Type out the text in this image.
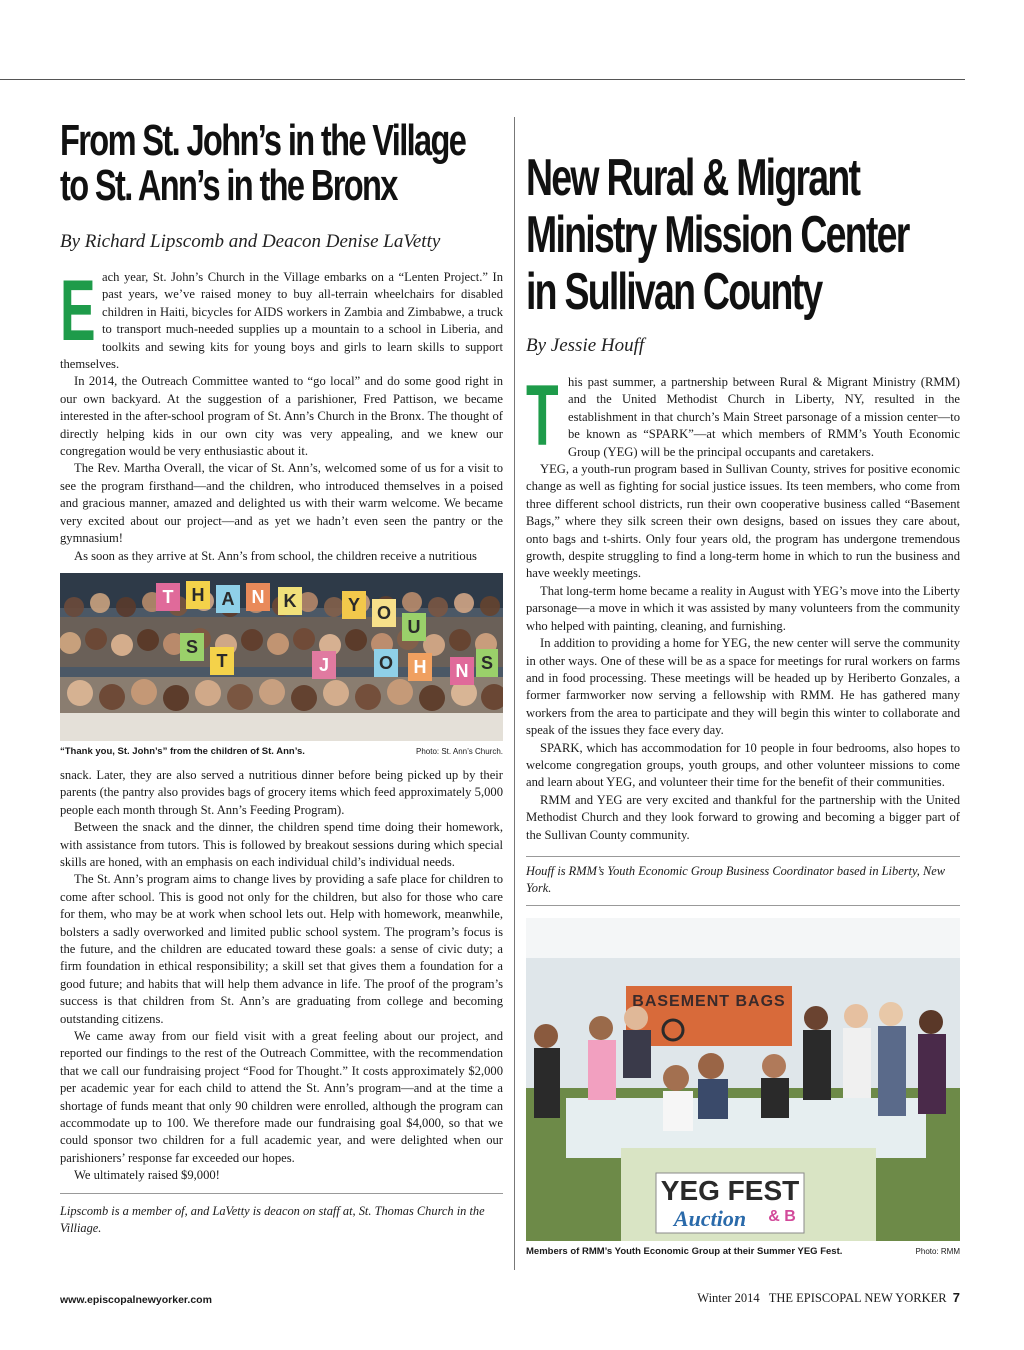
From St. John’s in the Village
to St. Ann’s in the Bronx
By Richard Lipscomb and Deacon Denise LaVetty
E ach year, St. John’s Church in the Village embarks on a “Lenten Project.” In past years, we’ve raised money to buy all-terrain wheelchairs for disabled children in Haiti, bicycles for AIDS workers in Zambia and Zimbabwe, a truck to transport much-needed supplies up a mountain to a school in Liberia, and toolkits and sewing kits for young boys and girls to learn skills to support themselves.

In 2014, the Outreach Committee wanted to “go local” and do some good right in our own backyard. At the suggestion of a parishioner, Fred Pattison, we became interested in the after-school program of St. Ann’s Church in the Bronx. The thought of directly helping kids in our own city was very appealing, and we knew our congregation would be very enthusiastic about it.

The Rev. Martha Overall, the vicar of St. Ann’s, welcomed some of us for a visit to see the program firsthand—and the children, who introduced themselves in a poised and gracious manner, amazed and delighted us with their warm welcome. We became very excited about our project—and as yet we hadn’t even seen the pantry or the gymnasium!

As soon as they arrive at St. Ann’s from school, the children receive a nutritious

T	H A N	K	Y O
U
S
T	J	O	H	N S
“Thank you, St. John’s” from the children of St. Ann’s.	Photo: St. Ann’s Church.

snack. Later, they are also served a nutritious dinner before being picked up by their parents (the pantry also provides bags of grocery items which feed approximately 5,000 people each month through St. Ann’s Feeding Program).

Between the snack and the dinner, the children spend time doing their homework, with assistance from tutors. This is followed by breakout sessions during which special skills are honed, with an emphasis on each individual child’s individual needs.

The St. Ann’s program aims to change lives by providing a safe place for children to come after school. This is good not only for the children, but also for those who care for them, who may be at work when school lets out. Help with homework, meanwhile, bolsters a sadly overworked and limited public school system. The program’s focus is the future, and the children are educated toward these goals: a sense of civic duty; a firm foundation in ethical responsibility; a skill set that gives them a foundation for a good future; and habits that will help them advance in life. The proof of the program’s success is that children from St. Ann’s are graduating from college and becoming outstanding citizens.

We came away from our field visit with a great feeling about our project, and reported our findings to the rest of the Outreach Committee, with the recommendation that we call our fundraising project “Food for Thought.” It costs approximately $2,000 per academic year for each child to attend the St. Ann’s program—and at the time a shortage of funds meant that only 90 children were enrolled, although the program can accommodate up to 100. We therefore made our fundraising goal $4,000, so that we could sponsor two children for a full academic year, and were delighted when our parishioners’ response far exceeded our hopes.

We ultimately raised $9,000!

Lipscomb is a member of, and LaVetty is deacon on staff at, St. Thomas Church in the Villiage.
New Rural & Migrant
Ministry Mission Center
in Sullivan County
By Jessie Houff
T his past summer, a partnership between Rural & Migrant Ministry (RMM) and the United Methodist Church in Liberty, NY, resulted in the establishment in that church’s Main Street parsonage of a mission center—to be known as “SPARK”—at which members of RMM’s Youth Economic Group (YEG) will be the principal occupants and caretakers.

YEG, a youth-run program based in Sullivan County, strives for positive economic change as well as fighting for social justice issues. Its teen members, who come from three different school districts, run their own cooperative business called “Basement Bags,” where they silk screen their own designs, based on issues they care about, onto bags and t-shirts. Only four years old, the program has undergone tremendous growth, despite struggling to find a long-term home in which to run the business and have weekly meetings.

That long-term home became a reality in August with YEG’s move into the Liberty parsonage—a move in which it was assisted by many volunteers from the community who helped with painting, cleaning, and furnishing.

In addition to providing a home for YEG, the new center will serve the community in other ways. One of these will be as a space for meetings for rural workers on farms and in food processing. These meetings will be headed up by Heriberto Gonzales, a former farmworker now serving a fellowship with RMM. He has gathered many workers from the area to participate and they will begin this winter to collaborate and speak of the issues they face every day.

SPARK, which has accommodation for 10 people in four bedrooms, also hopes to welcome congregation groups, youth groups, and other volunteer missions to come and learn about YEG, and volunteer their time for the benefit of their communities.

RMM and YEG are very excited and thankful for the partnership with the United Methodist Church and they look forward to growing and becoming a bigger part of the Sullivan County community.

Houff is RMM’s Youth Economic Group Business Coordinator based in Liberty, New York.
BASEMENT BAGS
YEG FEST
Auction	& B
Members of RMM’s Youth Economic Group at their Summer YEG Fest.	Photo: RMM
www.episcopalnewyorker.com	Winter 2014 THE EPISCOPAL NEW YORKER 7
